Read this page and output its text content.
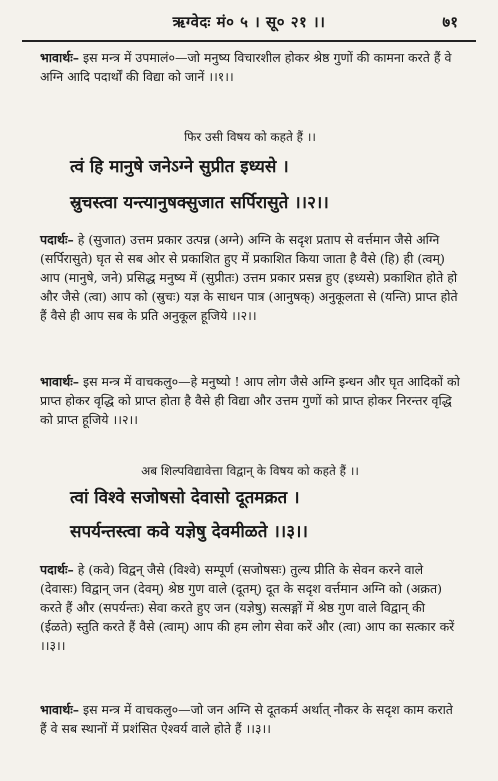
ऋग्वेदः मं० ५ । सू० २१ ।।	७१
भावार्थः– इस मन्त्र में उपमालं०—जो मनुष्य विचारशील होकर श्रेष्ठ गुणों की कामना करते हैं वे अग्नि आदि पदार्थों की विद्या को जानें ।।१।।
फिर उसी विषय को कहते हैं ।।
त्वं हि मानुषे जनेऽग्ने सुप्रीत इध्यसे ।
स्रुचस्त्वा यन्त्यानुषक्सुजात सर्पिरासुते ।।२।।
पदार्थः– हे (सुजात) उत्तम प्रकार उत्पन्न (अग्ने) अग्नि के सदृश प्रताप से वर्त्तमान जैसे अग्नि (सर्पिरासुते) घृत से सब ओर से प्रकाशित हुए में प्रकाशित किया जाता है वैसे (हि) ही (त्वम्) आप (मानुषे, जने) प्रसिद्ध मनुष्य में (सुप्रीतः) उत्तम प्रकार प्रसन्न हुए (इध्यसे) प्रकाशित होते हो और जैसे (त्वा) आप को (स्रुचः) यज्ञ के साधन पात्र (आनुषक्) अनुकूलता से (यन्ति) प्राप्त होते हैं वैसे ही आप सब के प्रति अनुकूल हूजिये ।।२।।
भावार्थः– इस मन्त्र में वाचकलु०—हे मनुष्यो ! आप लोग जैसे अग्नि इन्धन और घृत आदिकों को प्राप्त होकर वृद्धि को प्राप्त होता है वैसे ही विद्या और उत्तम गुणों को प्राप्त होकर निरन्तर वृद्धि को प्राप्त हूजिये ।।२।।
अब शिल्पविद्यावेत्ता विद्वान् के विषय को कहते हैं ।।
त्वां विश्वे सजोषसो देवासो दूतमक्रत ।
सपर्यन्तस्त्वा कवे यज्ञेषु देवमीळते ।।३।।
पदार्थः– हे (कवे) विद्वन् जैसे (विश्वे) सम्पूर्ण (सजोषसः) तुल्य प्रीति के सेवन करने वाले (देवासः) विद्वान् जन (देवम्) श्रेष्ठ गुण वाले (दूतम्) दूत के सदृश वर्त्तमान अग्नि को (अक्रत) करते हैं और (सपर्यन्तः) सेवा करते हुए जन (यज्ञेषु) सत्सङ्गों में श्रेष्ठ गुण वाले विद्वान् की (ईळते) स्तुति करते हैं वैसे (त्वाम्) आप की हम लोग सेवा करें और (त्वा) आप का सत्कार करें ।।३।।
भावार्थः– इस मन्त्र में वाचकलु०—जो जन अग्नि से दूतकर्म अर्थात् नौकर के सदृश काम कराते हैं वे सब स्थानों में प्रशंसित ऐश्वर्य वाले होते हैं ।।३।।
